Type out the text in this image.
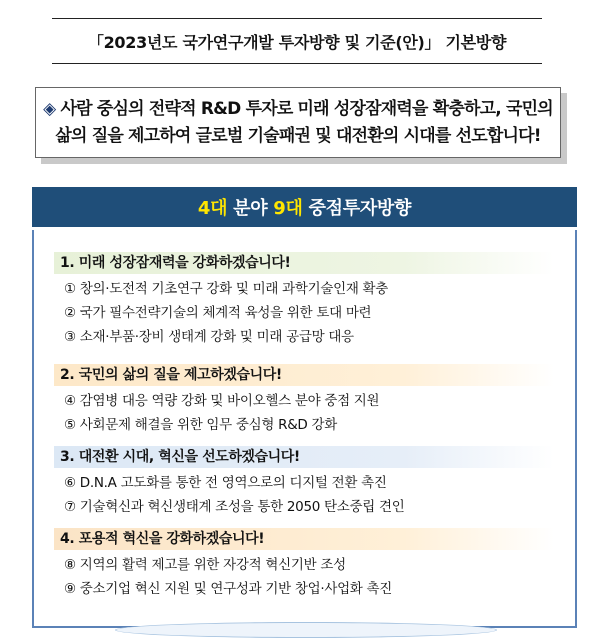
「2023년도 국가연구개발 투자방향 및 기준(안)」 기본방향
◈ 사람 중심의 전략적 R&D 투자로 미래 성장잠재력을 확충하고, 국민의
삶의 질을 제고하여 글로벌 기술패권 및 대전환의 시대를 선도합니다!
4대 분야 9대 중점투자방향
1. 미래 성장잠재력을 강화하겠습니다!
① 창의·도전적 기초연구 강화 및 미래 과학기술인재 확충
② 국가 필수전략기술의 체계적 육성을 위한 토대 마련
③ 소재·부품·장비 생태계 강화 및 미래 공급망 대응
2. 국민의 삶의 질을 제고하겠습니다!
④ 감염병 대응 역량 강화 및 바이오헬스 분야 중점 지원
⑤ 사회문제 해결을 위한 임무 중심형 R&D 강화
3. 대전환 시대, 혁신을 선도하겠습니다!
⑥ D.N.A 고도화를 통한 전 영역으로의 디지털 전환 촉진
⑦ 기술혁신과 혁신생태계 조성을 통한 2050 탄소중립 견인
4. 포용적 혁신을 강화하겠습니다!
⑧ 지역의 활력 제고를 위한 자강적 혁신기반 조성
⑨ 중소기업 혁신 지원 및 연구성과 기반 창업·사업화 촉진
